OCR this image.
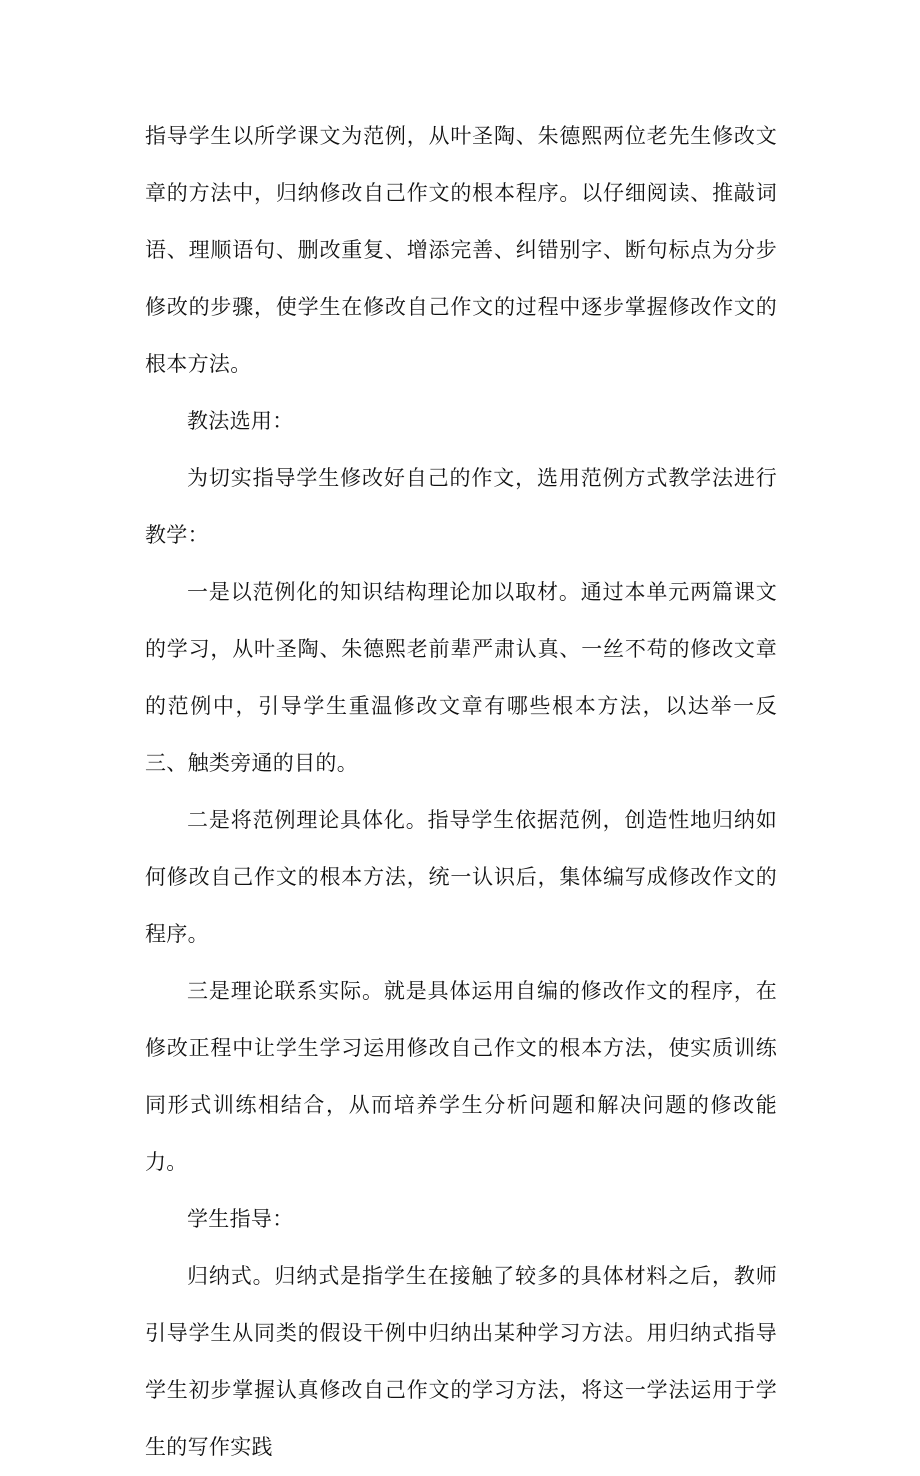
指导学生以所学课文为范例，从叶圣陶、朱德熙两位老先生修改文章的方法中，归纳修改自己作文的根本程序。以仔细阅读、推敲词语、理顺语句、删改重复、增添完善、纠错别字、断句标点为分步修改的步骤，使学生在修改自己作文的过程中逐步掌握修改作文的根本方法。

教法选用：

为切实指导学生修改好自己的作文，选用范例方式教学法进行教学：

一是以范例化的知识结构理论加以取材。通过本单元两篇课文的学习，从叶圣陶、朱德熙老前辈严肃认真、一丝不苟的修改文章的范例中，引导学生重温修改文章有哪些根本方法，以达举一反三、触类旁通的目的。

二是将范例理论具体化。指导学生依据范例，创造性地归纳如何修改自己作文的根本方法，统一认识后，集体编写成修改作文的程序。

三是理论联系实际。就是具体运用自编的修改作文的程序，在修改正程中让学生学习运用修改自己作文的根本方法，使实质训练同形式训练相结合，从而培养学生分析问题和解决问题的修改能力。

学生指导：

归纳式。归纳式是指学生在接触了较多的具体材料之后，教师引导学生从同类的假设干例中归纳出某种学习方法。用归纳式指导学生初步掌握认真修改自己作文的学习方法，将这一学法运用于学生的写作实践
